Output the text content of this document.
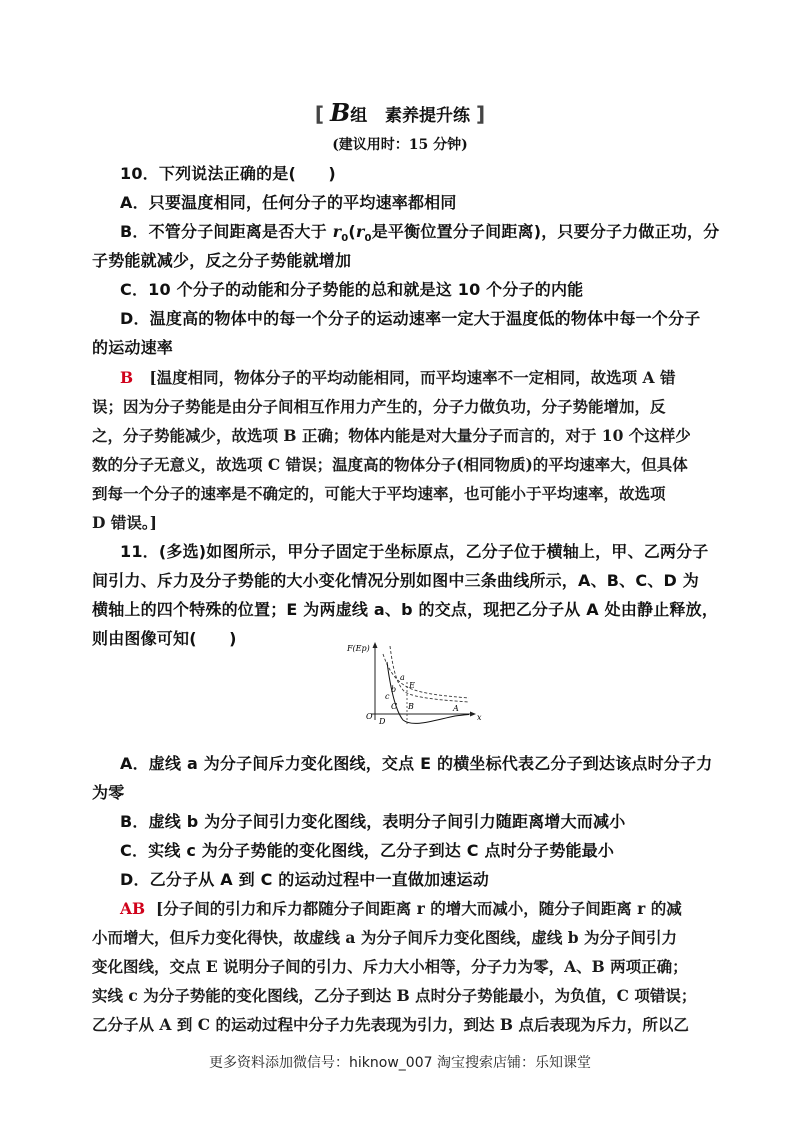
[ B组 素养提升练 ]
(建议用时：15 分钟)
10．下列说法正确的是(　　)
A．只要温度相同，任何分子的平均速率都相同
B．不管分子间距离是否大于 $r_0(r_0$是平衡位置分子间距离)，只要分子力做正功，分
子势能就减少，反之分子势能就增加
C．10 个分子的动能和分子势能的总和就是这 10 个分子的内能
D．温度高的物体中的每一个分子的运动速率一定大于温度低的物体中每一个分子
的运动速率
B [温度相同，物体分子的平均动能相同，而平均速率不一定相同，故选项 A 错
误；因为分子势能是由分子间相互作用力产生的，分子力做负功，分子势能增加，反
之，分子势能减少，故选项 B 正确；物体内能是对大量分子而言的，对于 10 个这样少
数的分子无意义，故选项 C 错误；温度高的物体分子(相同物质)的平均速率大，但具体
到每一个分子的速率是不确定的，可能大于平均速率，也可能小于平均速率，故选项
D 错误。]
11．(多选)如图所示，甲分子固定于坐标原点，乙分子位于横轴上，甲、乙两分子
间引力、斥力及分子势能的大小变化情况分别如图中三条曲线所示，A、B、C、D 为
横轴上的四个特殊的位置；E 为两虚线 a、b 的交点，现把乙分子从 A 处由静止释放，
则由图像可知(　　)
F(Ep)
x
O
a
b
c
E
C B
D
A
A．虚线 a 为分子间斥力变化图线，交点 E 的横坐标代表乙分子到达该点时分子力
为零
B．虚线 b 为分子间引力变化图线，表明分子间引力随距离增大而减小
C．实线 c 为分子势能的变化图线，乙分子到达 C 点时分子势能最小
D．乙分子从 A 到 C 的运动过程中一直做加速运动
AB [分子间的引力和斥力都随分子间距离 r 的增大而减小，随分子间距离 r 的减
小而增大，但斥力变化得快，故虚线 a 为分子间斥力变化图线，虚线 b 为分子间引力
变化图线，交点 E 说明分子间的引力、斥力大小相等，分子力为零，A、B 两项正确；
实线 c 为分子势能的变化图线，乙分子到达 B 点时分子势能最小，为负值，C 项错误；
乙分子从 A 到 C 的运动过程中分子力先表现为引力，到达 B 点后表现为斥力，所以乙
更多资料添加微信号：hiknow_007 淘宝搜索店铺：乐知课堂
